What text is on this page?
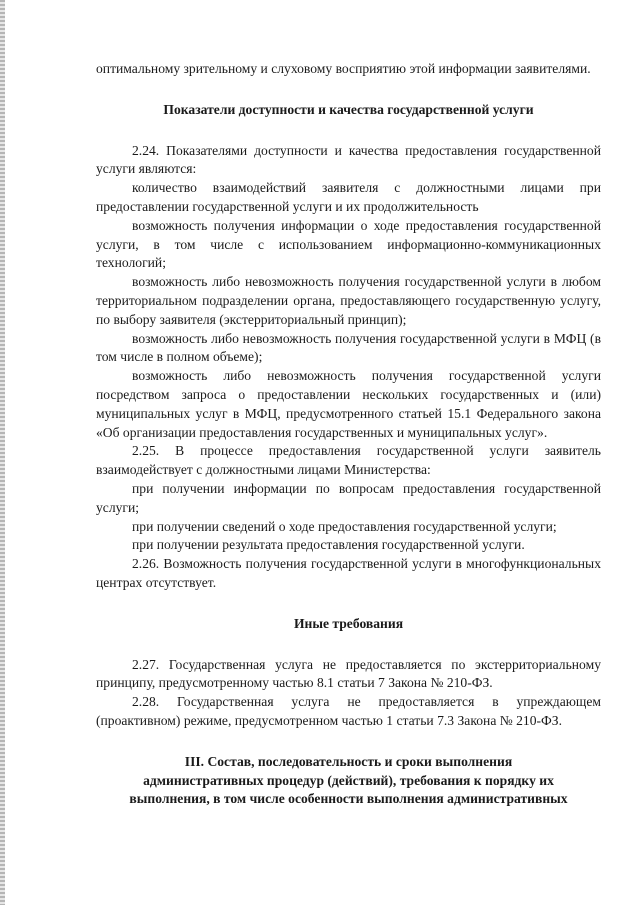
оптимальному зрительному и слуховому восприятию этой информации заявителями.

Показатели доступности и качества государственной услуги

2.24. Показателями доступности и качества предоставления государственной услуги являются:

количество взаимодействий заявителя с должностными лицами при предоставлении государственной услуги и их продолжительность

возможность получения информации о ходе предоставления государственной услуги, в том числе с использованием информационно-коммуникационных технологий;

возможность либо невозможность получения государственной услуги в любом территориальном подразделении органа, предоставляющего государственную услугу, по выбору заявителя (экстерриториальный принцип);

возможность либо невозможность получения государственной услуги в МФЦ (в том числе в полном объеме);

возможность либо невозможность получения государственной услуги посредством запроса о предоставлении нескольких государственных и (или) муниципальных услуг в МФЦ, предусмотренного статьей 15.1 Федерального закона «Об организации предоставления государственных и муниципальных услуг».

2.25. В процессе предоставления государственной услуги заявитель взаимодействует с должностными лицами Министерства:

при получении информации по вопросам предоставления государственной услуги;

при получении сведений о ходе предоставления государственной услуги;

при получении результата предоставления государственной услуги.

2.26. Возможность получения государственной услуги в многофункциональных центрах отсутствует.

Иные требования

2.27. Государственная услуга не предоставляется по экстерриториальному принципу, предусмотренному частью 8.1 статьи 7 Закона № 210-ФЗ.

2.28. Государственная услуга не предоставляется в упреждающем (проактивном) режиме, предусмотренном частью 1 статьи 7.3 Закона № 210-ФЗ.

III. Состав, последовательность и сроки выполнения
административных процедур (действий), требования к порядку их
выполнения, в том числе особенности выполнения административных
